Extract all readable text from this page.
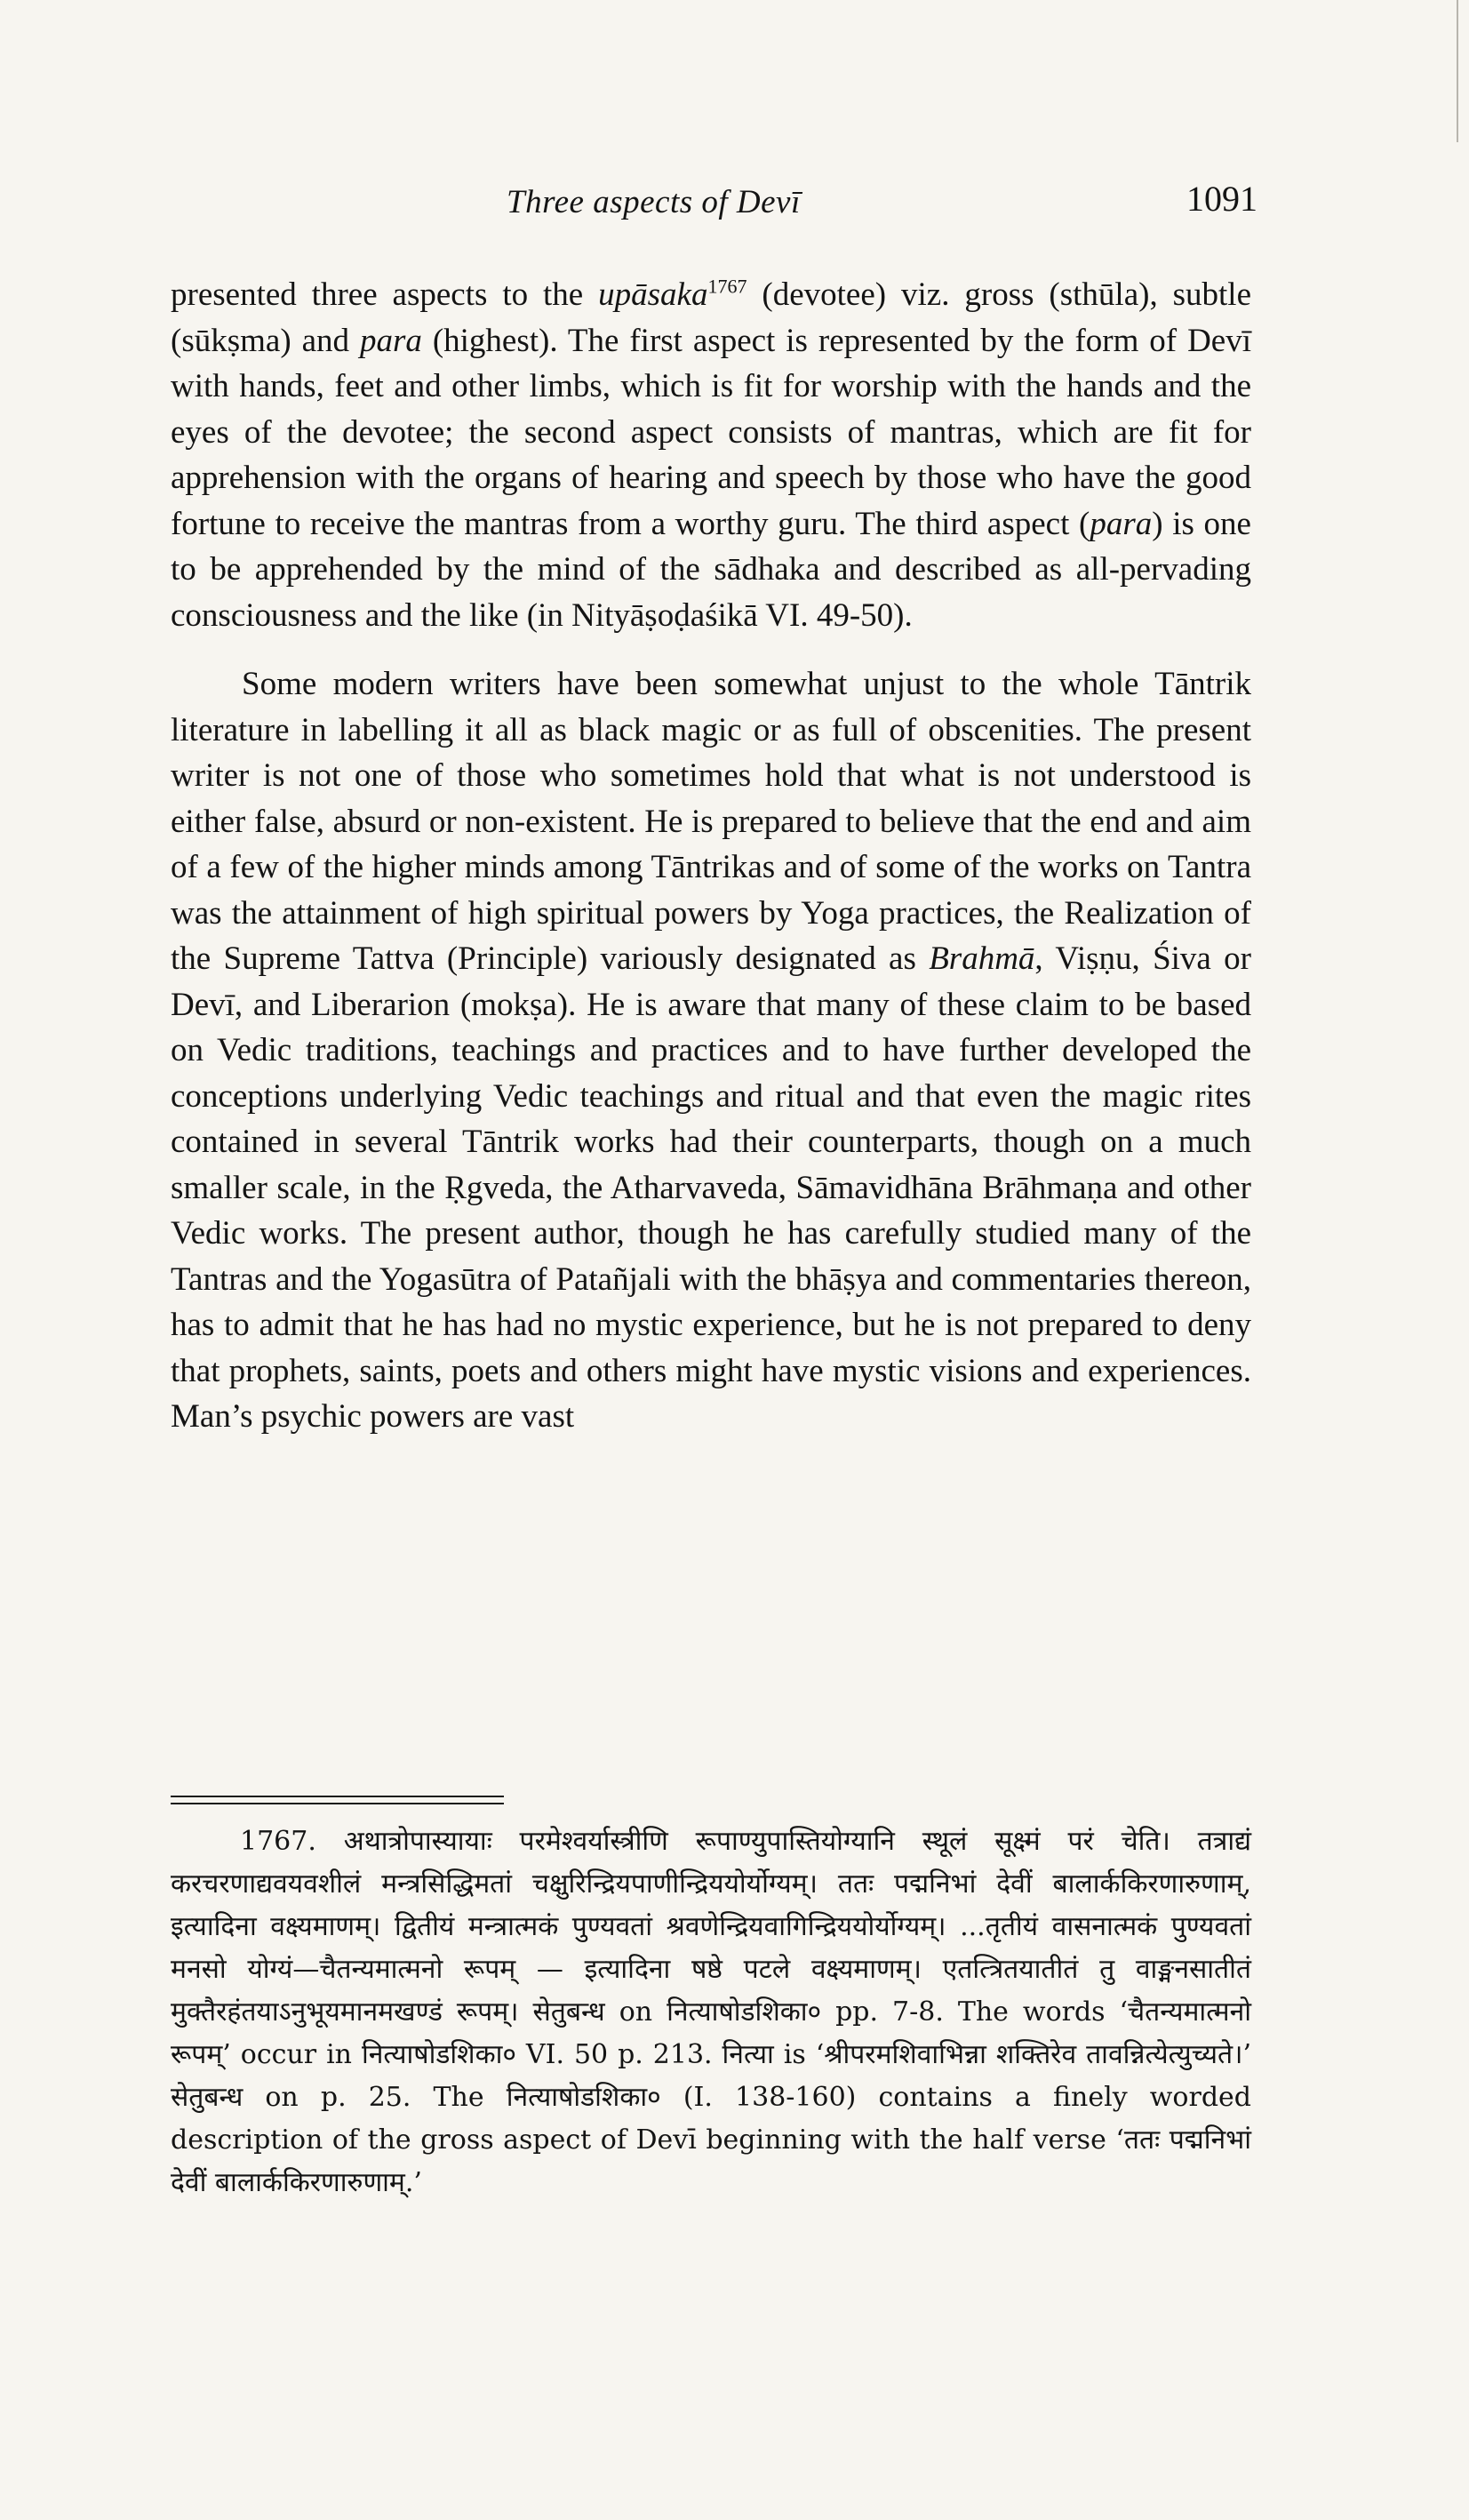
Three aspects of Devī	1091

presented three aspects to the upāsaka$^{1767}$ (devotee) viz. gross (sthūla), subtle (sūkṣma) and para (highest). The first aspect is represented by the form of Devī with hands, feet and other limbs, which is fit for worship with the hands and the eyes of the devotee; the second aspect consists of mantras, which are fit for apprehension with the organs of hearing and speech by those who have the good fortune to receive the mantras from a worthy guru. The third aspect (para) is one to be apprehended by the mind of the sādhaka and described as all-pervading consciousness and the like (in Nityāṣoḍaśikā VI. 49-50).

Some modern writers have been somewhat unjust to the whole Tāntrik literature in labelling it all as black magic or as full of obscenities. The present writer is not one of those who sometimes hold that what is not understood is either false, absurd or non-existent. He is prepared to believe that the end and aim of a few of the higher minds among Tāntrikas and of some of the works on Tantra was the attainment of high spiritual powers by Yoga practices, the Realization of the Supreme Tattva (Principle) variously designated as Brahmā, Viṣṇu, Śiva or Devī, and Liberarion (mokṣa). He is aware that many of these claim to be based on Vedic traditions, teachings and practices and to have further developed the conceptions underlying Vedic teachings and ritual and that even the magic rites contained in several Tāntrik works had their counterparts, though on a much smaller scale, in the Ṛgveda, the Atharvaveda, Sāmavidhāna Brāhmaṇa and other Vedic works. The present author, though he has carefully studied many of the Tantras and the Yogasūtra of Patañjali with the bhāṣya and commentaries thereon, has to admit that he has had no mystic experience, but he is not prepared to deny that prophets, saints, poets and others might have mystic visions and experiences. Man’s psychic powers are vast

1767. अथात्रोपास्यायाः परमेश्वर्यास्त्रीणि रूपाण्युपास्तियोग्यानि स्थूलं सूक्ष्मं परं चेति। तत्राद्यं करचरणाद्यवयवशीलं मन्त्रसिद्धिमतां चक्षुरिन्द्रियपाणीन्द्रिययोर्योग्यम्। ततः पद्मनिभां देवीं बालार्ककिरणारुणाम्, इत्यादिना वक्ष्यमाणम्। द्वितीयं मन्त्रात्मकं पुण्यवतां श्रवणेन्द्रियवागिन्द्रिययोर्योग्यम्। ...तृतीयं वासनात्मकं पुण्यवतां मनसो योग्यं—चैतन्यमात्मनो रूपम् — इत्यादिना षष्ठे पटले वक्ष्यमाणम्। एतत्त्रितयातीतं तु वाङ्मनसातीतं मुक्तैरहंतयाऽनुभूयमानमखण्डं रूपम्। सेतुबन्ध on नित्याषोडशिका० pp. 7-8. The words ‘चैतन्यमात्मनो रूपम्’ occur in नित्याषोडशिका० VI. 50 p. 213. नित्या is ‘श्रीपरमशिवाभिन्ना शक्तिरेव तावन्नित्येत्युच्यते।’ सेतुबन्ध on p. 25. The नित्याषोडशिका० (I. 138-160) contains a finely worded description of the gross aspect of Devī beginning with the half verse ‘ततः पद्मनिभां देवीं बालार्ककिरणारुणाम्.’
